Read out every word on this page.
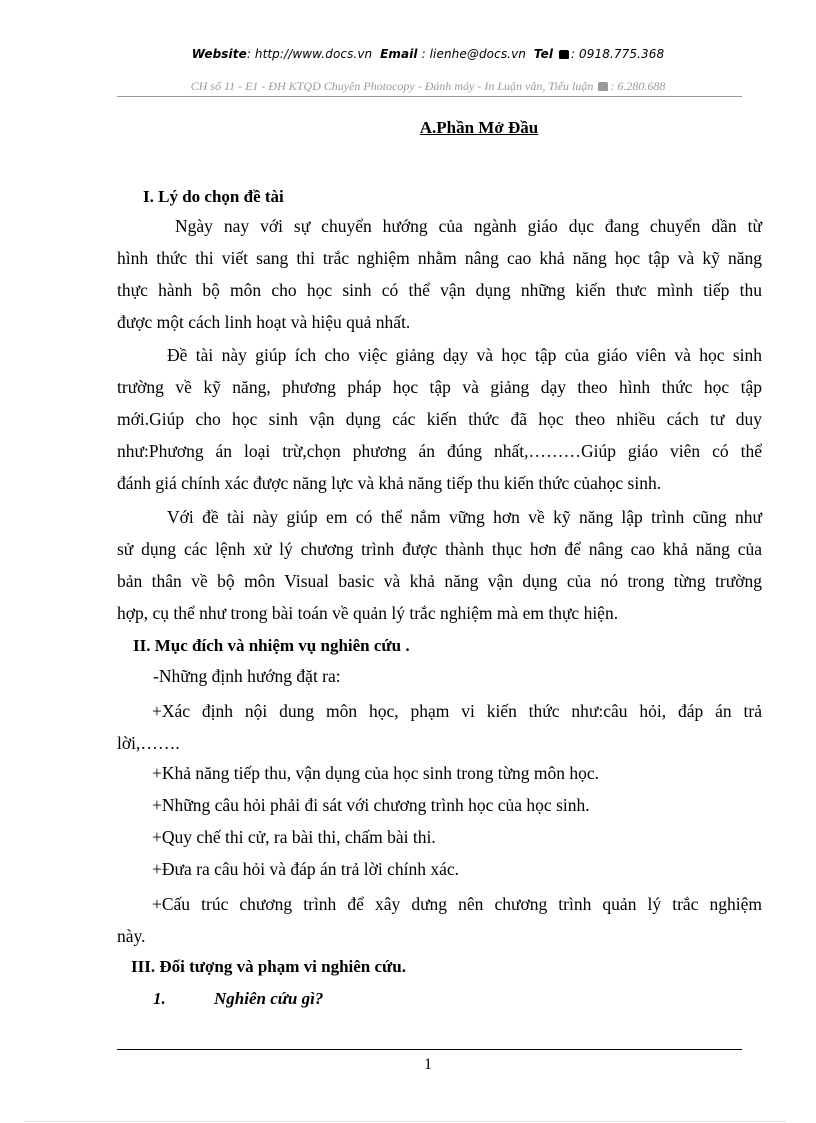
Website: http://www.docs.vn Email : lienhe@docs.vn Tel : 0918.775.368
CH số 11 - E1 - ĐH KTQD Chuyên Photocopy - Đánh máy - In Luận văn, Tiểu luận : 6.280.688
A.Phần Mở Đầu
I. Lý do chọn đề tài
Ngày nay với sự chuyển hướng của ngành giáo dục đang chuyển dần từ
hình thức thi viết sang thi trắc nghiệm nhằm nâng cao khả năng học tập và kỹ năng
thực hành bộ môn cho học sinh có thể vận dụng những kiến thưc mình tiếp thu
được một cách linh hoạt và hiệu quả nhất.
Đề tài này giúp ích cho việc giảng dạy và học tập của giáo viên và học sinh
trường về kỹ năng, phương pháp học tập và giảng dạy theo hình thức học tập
mới.Giúp cho học sinh vận dụng các kiến thức đã học theo nhiều cách tư duy
như:Phương án loại trừ,chọn phương án đúng nhất,………Giúp giáo viên có thể
đánh giá chính xác được năng lực và khả năng tiếp thu kiến thức củahọc sinh.
Với đề tài này giúp em có thể nắm vững hơn về kỹ năng lập trình cũng như
sử dụng các lệnh xử lý chương trình được thành thục hơn để nâng cao khả năng của
bản thân về bộ môn Visual basic và khả năng vận dụng của nó trong từng trường
hợp, cụ thể như trong bài toán về quản lý trắc nghiệm mà em thực hiện.
II. Mục đích và nhiệm vụ nghiên cứu .
-Những định hướng đặt ra:
+Xác định nội dung môn học, phạm vi kiến thức như:câu hỏi, đáp án trả
lời,…….
+Khả năng tiếp thu, vận dụng của học sinh trong từng môn học.
+Những câu hỏi phải đi sát với chương trình học của học sinh.
+Quy chế thi cử, ra bài thi, chấm bài thi.
+Đưa ra câu hỏi và đáp án trả lời chính xác.
+Cấu trúc chương trình để xây dưng nên chương trình quản lý trắc nghiệm
này.
III. Đối tượng và phạm vi nghiên cứu.
1.	Nghiên cứu gì?
1
